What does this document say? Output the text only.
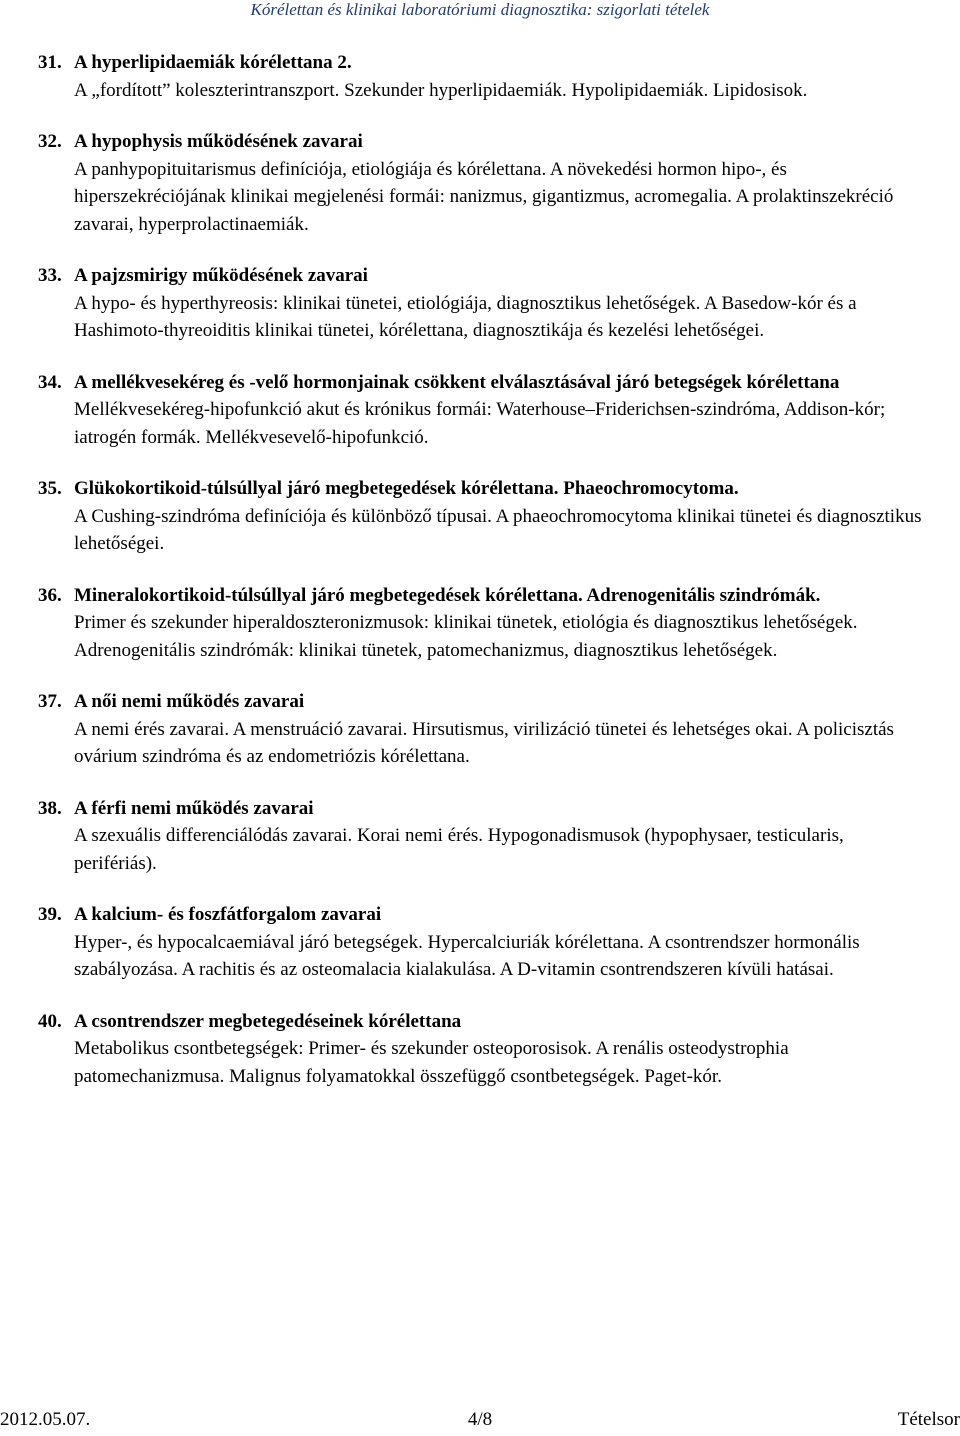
Kórélettan és klinikai laboratóriumi diagnosztika: szigorlati tételek
31. A hyperlipidaemiák kórélettana 2.
A „fordított” koleszterintranszport. Szekunder hyperlipidaemiák. Hypolipidaemiák. Lipidosisok.
32. A hypophysis működésének zavarai
A panhypopituitarismus definíciója, etiológiája és kórélettana. A növekedési hormon hipo-, és hiperszekréciójának klinikai megjelenési formái: nanizmus, gigantizmus, acromegalia. A prolaktinszekréció zavarai, hyperprolactinaemiák.
33. A pajzsmirigy működésének zavarai
A hypo- és hyperthyreosis: klinikai tünetei, etiológiája, diagnosztikus lehetőségek. A Basedow-kór és a Hashimoto-thyreoiditis klinikai tünetei, kórélettana, diagnosztikája és kezelési lehetőségei.
34. A mellékvesekéreg és -velő hormonjainak csökkent elválasztásával járó betegségek kórélettana
Mellékvesekéreg-hipofunkció akut és krónikus formái: Waterhouse–Friderichsen-szindróma, Addison-kór; iatrogén formák. Mellékvesevelő-hipofunkció.
35. Glükokortikoid-túlsúllyal járó megbetegedések kórélettana. Phaeochromocytoma.
A Cushing-szindróma definíciója és különböző típusai. A phaeochromocytoma klinikai tünetei és diagnosztikus lehetőségei.
36. Mineralokortikoid-túlsúllyal járó megbetegedések kórélettana. Adrenogenitális szindrómák.
Primer és szekunder hiperaldoszteronizmusok: klinikai tünetek, etiológia és diagnosztikus lehetőségek. Adrenogenitális szindrómák: klinikai tünetek, patomechanizmus, diagnosztikus lehetőségek.
37. A női nemi működés zavarai
A nemi érés zavarai. A menstruáció zavarai. Hirsutismus, virilizáció tünetei és lehetséges okai. A policisztás ovárium szindróma és az endometriózis kórélettana.
38. A férfi nemi működés zavarai
A szexuális differenciálódás zavarai. Korai nemi érés. Hypogonadismusok (hypophysaer, testicularis, perifériás).
39. A kalcium- és foszfátforgalom zavarai
Hyper-, és hypocalcaemiával járó betegségek. Hypercalciuriák kórélettana. A csontrendszer hormonális szabályozása. A rachitis és az osteomalacia kialakulása. A D-vitamin csontrendszeren kívüli hatásai.
40. A csontrendszer megbetegedéseinek kórélettana
Metabolikus csontbetegségek: Primer- és szekunder osteoporosisok. A renális osteodystrophia patomechanizmusa. Malignus folyamatokkal összefüggő csontbetegségek. Paget-kór.
2012.05.07.	4/8	Tételsor
